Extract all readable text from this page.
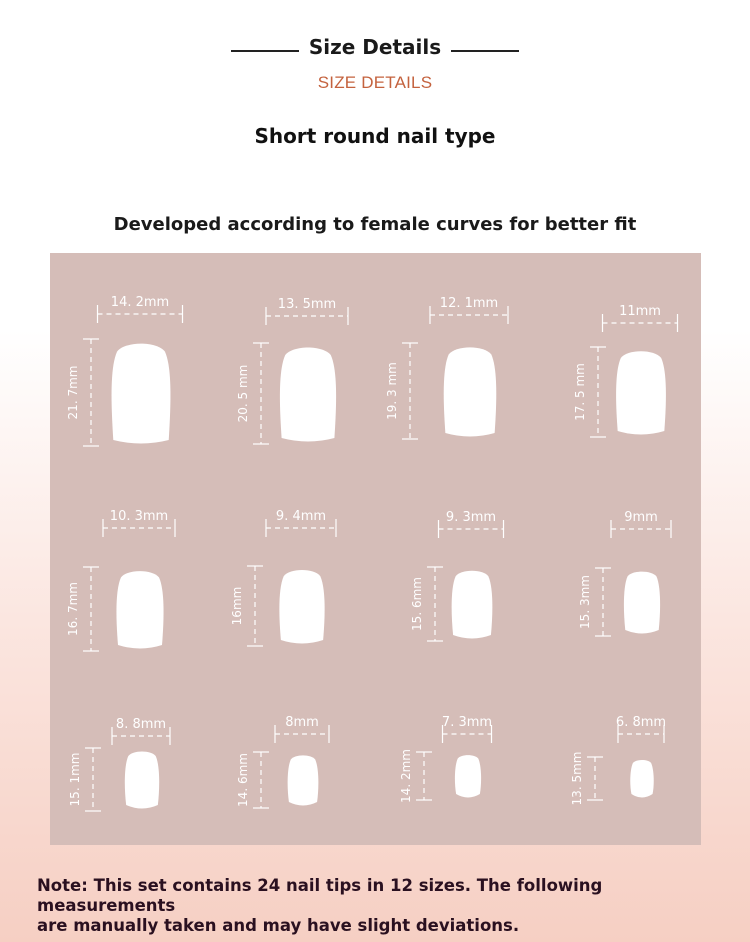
Size Details
SIZE DETAILS
Short round nail type
Developed according to female curves for better fit
14. 2mm
21. 7mm
13. 5mm
20. 5 mm
12. 1mm
19. 3 mm
11mm
17. 5 mm
10. 3mm
16. 7mm
9. 4mm
16mm
9. 3mm
15. 6mm
9mm
15. 3mm
8. 8mm
15. 1mm
8mm
14. 6mm
7. 3mm
14. 2mm
6. 8mm
13. 5mm
Note: This set contains 24 nail tips in 12 sizes. The following measurements
are manually taken and may have slight deviations.
